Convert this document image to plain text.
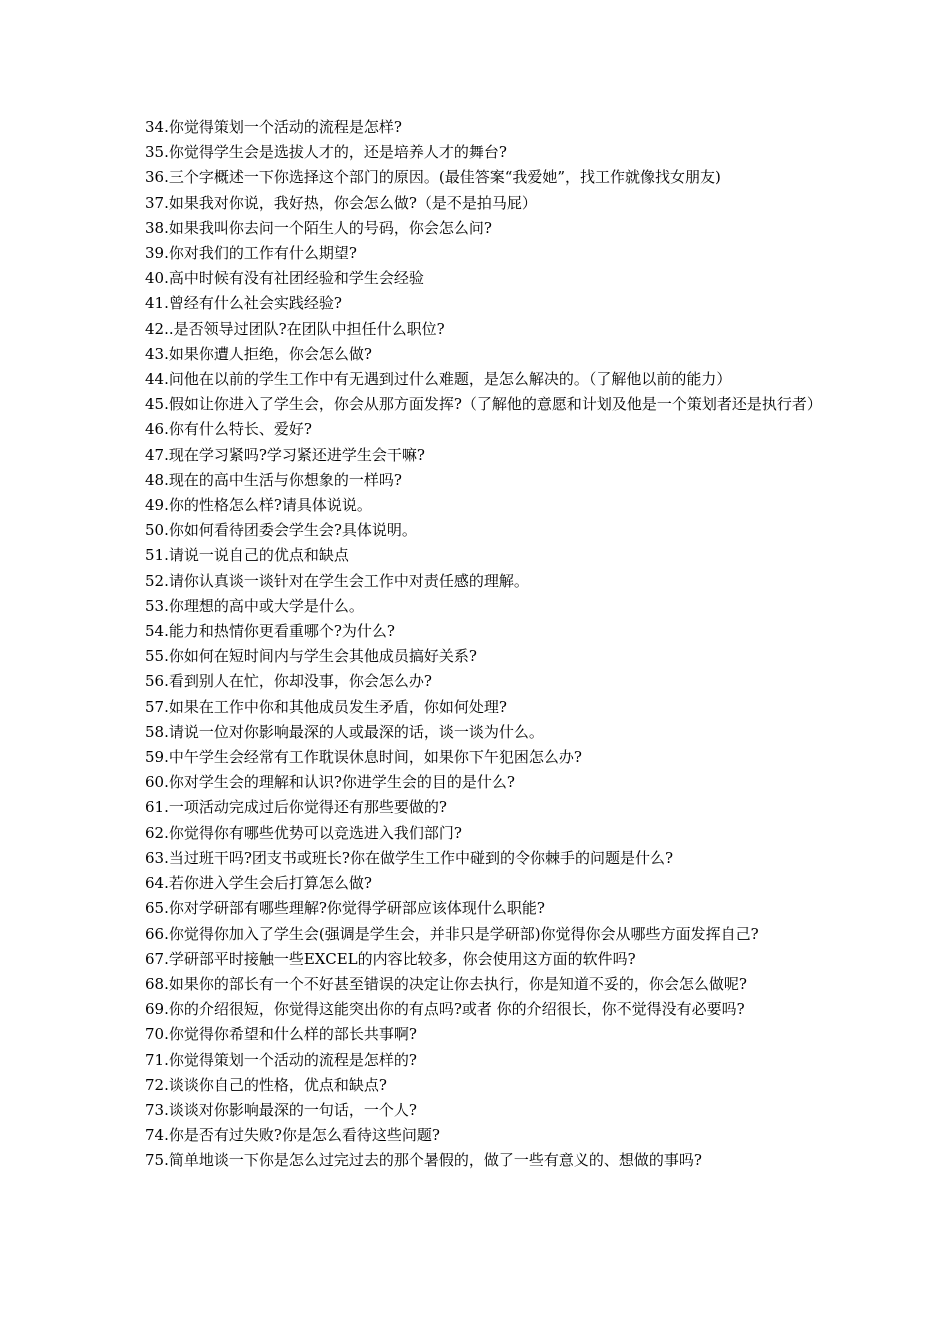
34.你觉得策划一个活动的流程是怎样?

35.你觉得学生会是选拔人才的，还是培养人才的舞台?

36.三个字概述一下你选择这个部门的原因。(最佳答案“我爱她”，找工作就像找女朋友)

37.如果我对你说，我好热，你会怎么做?（是不是拍马屁）

38.如果我叫你去问一个陌生人的号码，你会怎么问?

39.你对我们的工作有什么期望?

40.高中时候有没有社团经验和学生会经验

41.曾经有什么社会实践经验?

42..是否领导过团队?在团队中担任什么职位?

43.如果你遭人拒绝，你会怎么做?

44.问他在以前的学生工作中有无遇到过什么难题，是怎么解决的。（了解他以前的能力）

45.假如让你进入了学生会，你会从那方面发挥?（了解他的意愿和计划及他是一个策划者还是执行者）

46.你有什么特长、爱好?

47.现在学习紧吗?学习紧还进学生会干嘛?

48.现在的高中生活与你想象的一样吗?

49.你的性格怎么样?请具体说说。

50.你如何看待团委会学生会?具体说明。

51.请说一说自己的优点和缺点

52.请你认真谈一谈针对在学生会工作中对责任感的理解。

53.你理想的高中或大学是什么。

54.能力和热情你更看重哪个?为什么?

55.你如何在短时间内与学生会其他成员搞好关系?

56.看到别人在忙，你却没事，你会怎么办?

57.如果在工作中你和其他成员发生矛盾，你如何处理?

58.请说一位对你影响最深的人或最深的话，谈一谈为什么。

59.中午学生会经常有工作耽误休息时间，如果你下午犯困怎么办?

60.你对学生会的理解和认识?你进学生会的目的是什么?

61.一项活动完成过后你觉得还有那些要做的?

62.你觉得你有哪些优势可以竞选进入我们部门?

63.当过班干吗?团支书或班长?你在做学生工作中碰到的令你棘手的问题是什么?

64.若你进入学生会后打算怎么做?

65.你对学研部有哪些理解?你觉得学研部应该体现什么职能?

66.你觉得你加入了学生会(强调是学生会，并非只是学研部)你觉得你会从哪些方面发挥自己?

67.学研部平时接触一些EXCEL的内容比较多，你会使用这方面的软件吗?

68.如果你的部长有一个不好甚至错误的决定让你去执行，你是知道不妥的，你会怎么做呢?

69.你的介绍很短，你觉得这能突出你的有点吗?或者 你的介绍很长，你不觉得没有必要吗?

70.你觉得你希望和什么样的部长共事啊?

71.你觉得策划一个活动的流程是怎样的?

72.谈谈你自己的性格，优点和缺点?

73.谈谈对你影响最深的一句话，一个人?

74.你是否有过失败?你是怎么看待这些问题?

75.简单地谈一下你是怎么过完过去的那个暑假的，做了一些有意义的、想做的事吗?
